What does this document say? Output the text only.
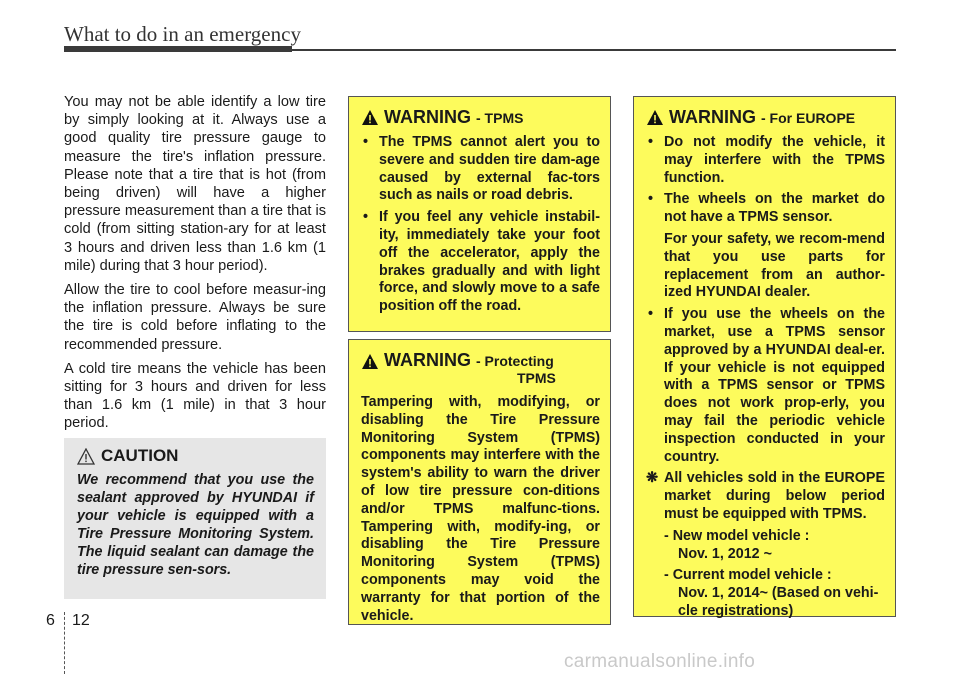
What to do in an emergency

You may not be able identify a low tire by simply looking at it. Always use a good quality tire pressure gauge to measure the tire's inflation pressure. Please note that a tire that is hot (from being driven) will have a higher pressure measurement than a tire that is cold (from sitting station-ary for at least 3 hours and driven less than 1.6 km (1 mile) during that 3 hour period).

Allow the tire to cool before measur-ing the inflation pressure. Always be sure the tire is cold before inflating to the recommended pressure.

A cold tire means the vehicle has been sitting for 3 hours and driven for less than 1.6 km (1 mile) in that 3 hour period.

CAUTION
We recommend that you use the sealant approved by HYUNDAI if your vehicle is equipped with a Tire Pressure Monitoring System. The liquid sealant can damage the tire pressure sen-sors.
WARNING - TPMS
• The TPMS cannot alert you to severe and sudden tire dam-age caused by external fac-tors such as nails or road debris.
• If you feel any vehicle instabil-ity, immediately take your foot off the accelerator, apply the brakes gradually and with light force, and slowly move to a safe position off the road.
WARNING - Protecting
TPMS
Tampering with, modifying, or disabling the Tire Pressure Monitoring System (TPMS) components may interfere with the system's ability to warn the driver of low tire pressure con-ditions and/or TPMS malfunc-tions. Tampering with, modify-ing, or disabling the Tire Pressure Monitoring System (TPMS) components may void the warranty for that portion of the vehicle.
WARNING - For EUROPE
• Do not modify the vehicle, it may interfere with the TPMS function.
• The wheels on the market do not have a TPMS sensor.
For your safety, we recom-mend that you use parts for replacement from an author-ized HYUNDAI dealer.
• If you use the wheels on the market, use a TPMS sensor approved by a HYUNDAI deal-er. If your vehicle is not equipped with a TPMS sensor or TPMS does not work prop-erly, you may fail the periodic vehicle inspection conducted in your country.
❋ All vehicles sold in the EUROPE market during below period must be equipped with TPMS.
- New model vehicle :
Nov. 1, 2012 ~
- Current model vehicle :
Nov. 1, 2014~ (Based on vehi-cle registrations)
6 12
carmanualsonline.info
